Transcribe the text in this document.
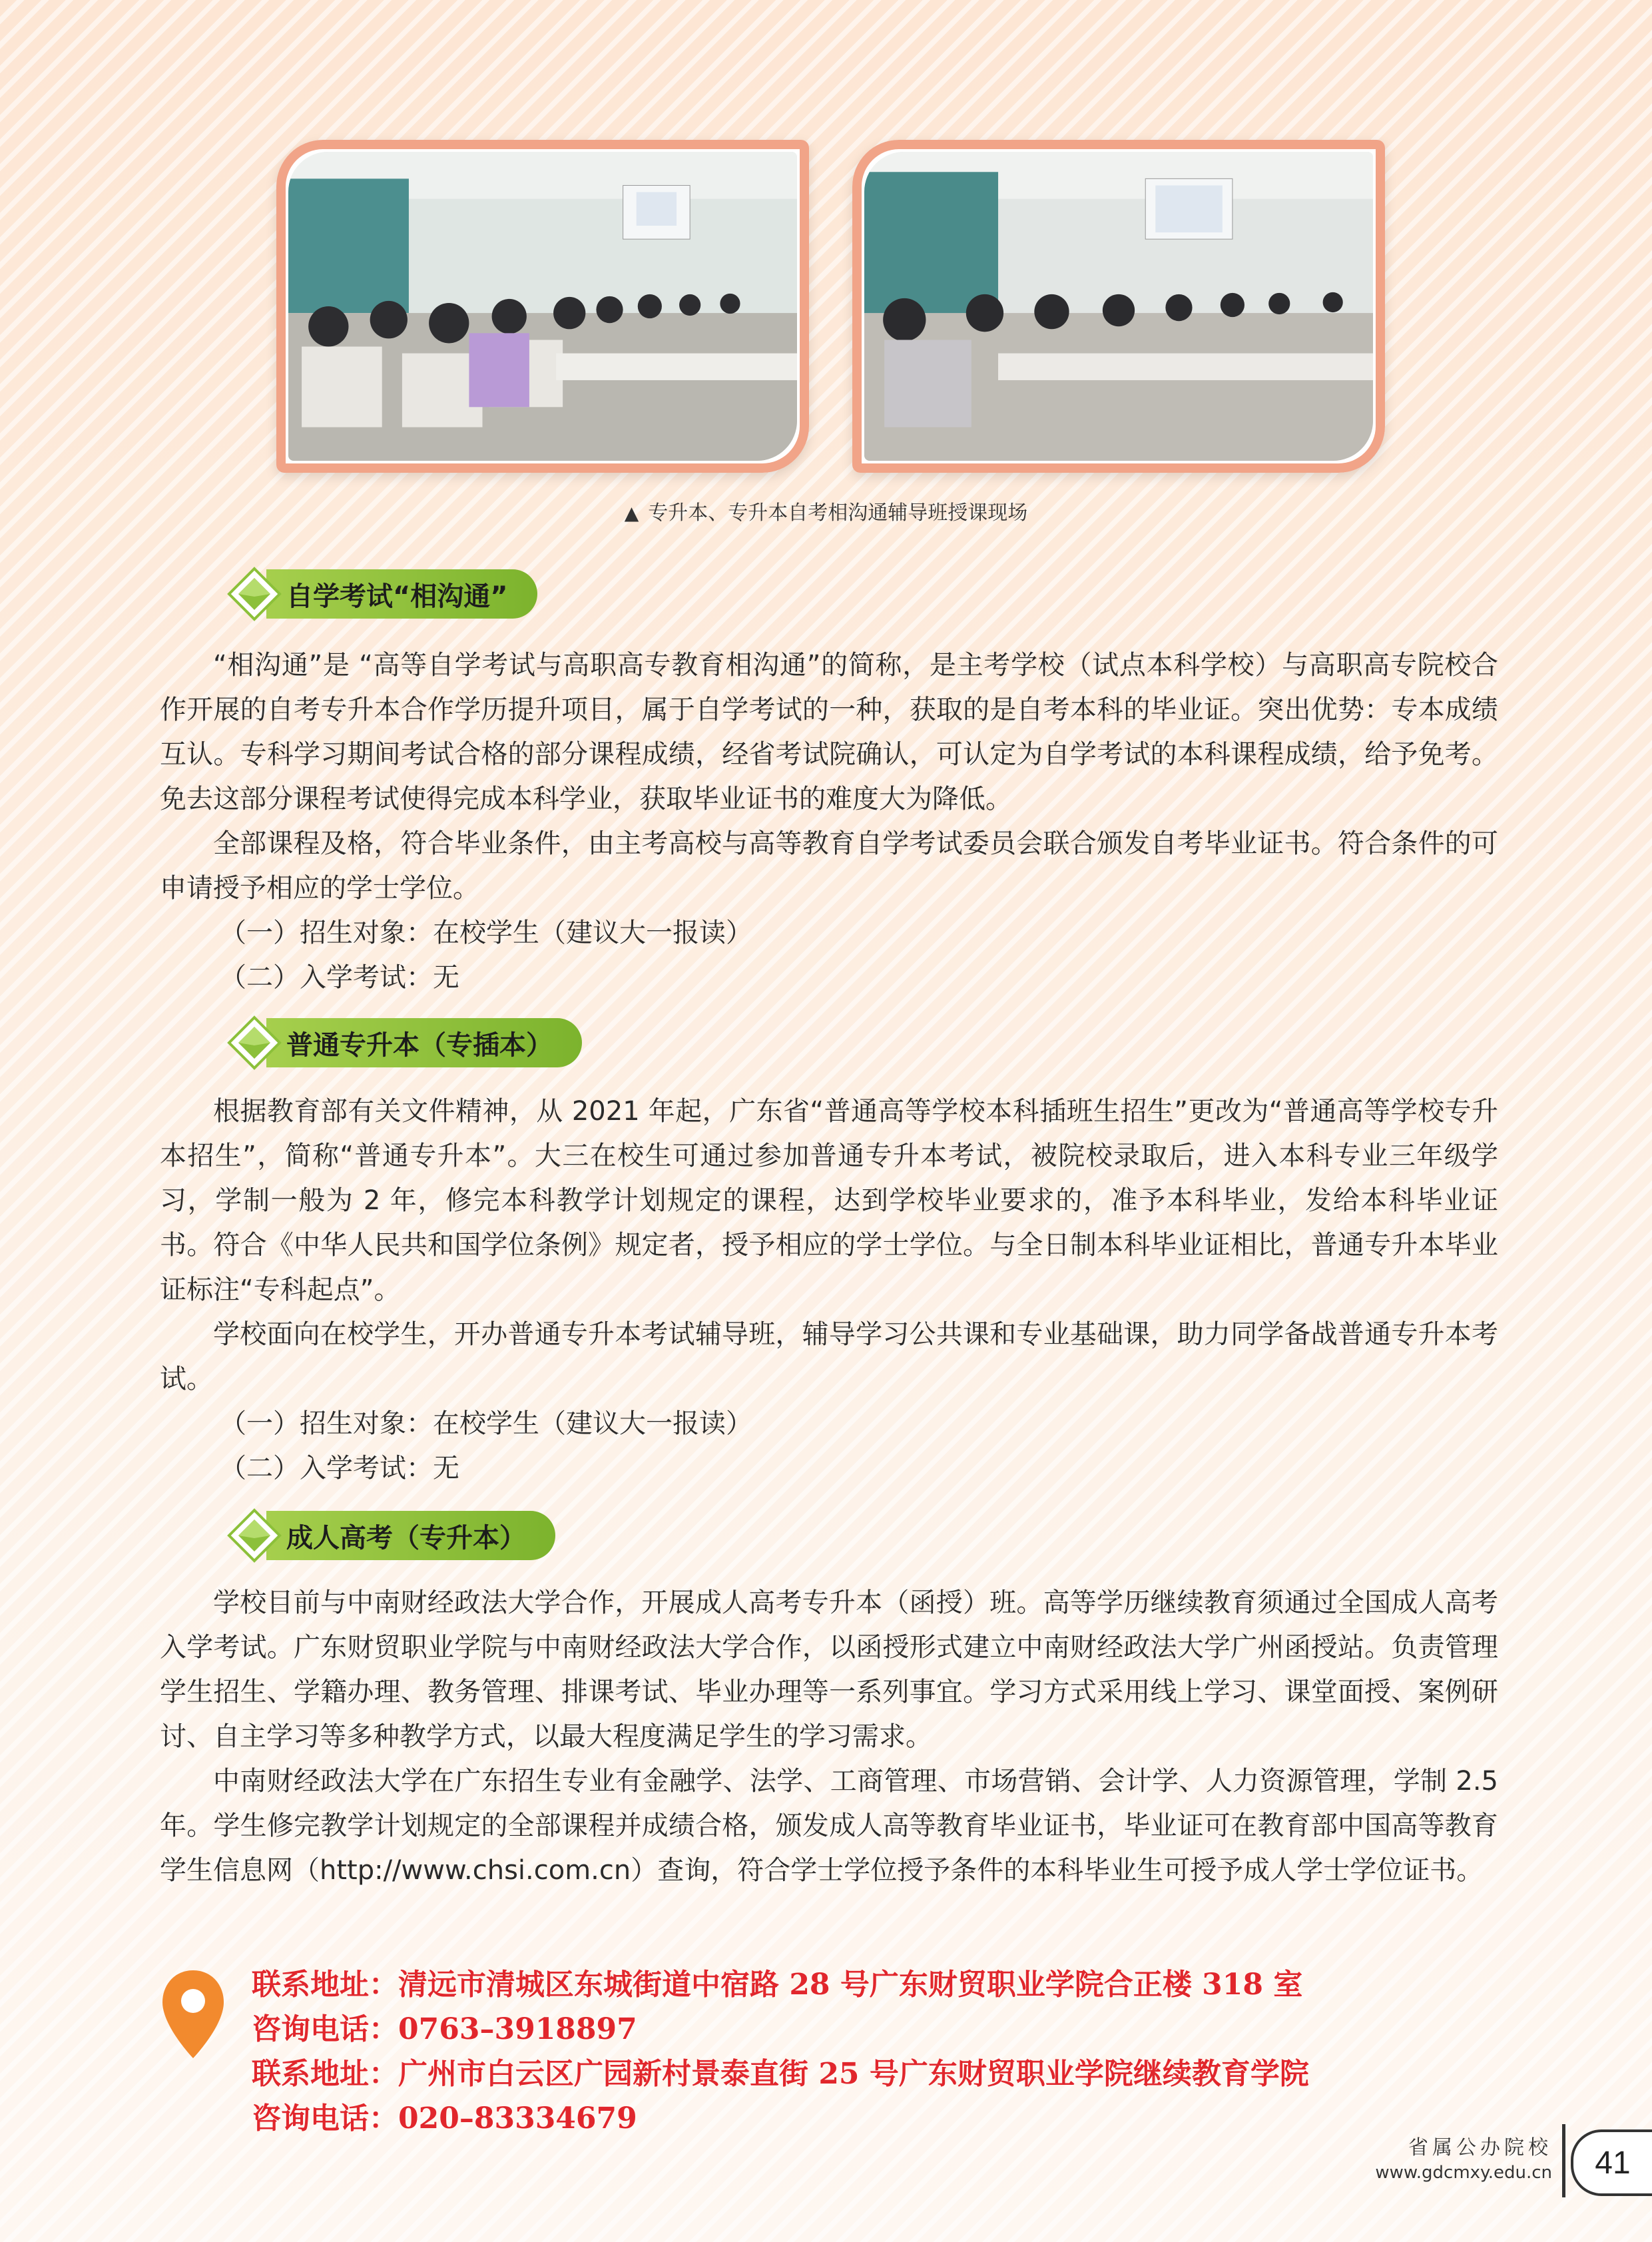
▲ 专升本、专升本自考相沟通辅导班授课现场
自学考试“相沟通”

“相沟通”是 “高等自学考试与高职高专教育相沟通”的简称，是主考学校（试点本科学校）与高职高专院校合作开展的自考专升本合作学历提升项目，属于自学考试的一种，获取的是自考本科的毕业证。突出优势：专本成绩互认。专科学习期间考试合格的部分课程成绩，经省考试院确认，可认定为自学考试的本科课程成绩，给予免考。免去这部分课程考试使得完成本科学业，获取毕业证书的难度大为降低。

全部课程及格，符合毕业条件，由主考高校与高等教育自学考试委员会联合颁发自考毕业证书。符合条件的可申请授予相应的学士学位。

（一）招生对象：在校学生（建议大一报读）

（二）入学考试：无

普通专升本（专插本）

根据教育部有关文件精神，从 2021 年起，广东省“普通高等学校本科插班生招生”更改为“普通高等学校专升本招生”，简称“普通专升本”。大三在校生可通过参加普通专升本考试，被院校录取后，进入本科专业三年级学习，学制一般为 2 年，修完本科教学计划规定的课程，达到学校毕业要求的，准予本科毕业，发给本科毕业证书。符合《中华人民共和国学位条例》规定者，授予相应的学士学位。与全日制本科毕业证相比，普通专升本毕业证标注“专科起点”。

学校面向在校学生，开办普通专升本考试辅导班，辅导学习公共课和专业基础课，助力同学备战普通专升本考试。

（一）招生对象：在校学生（建议大一报读）

（二）入学考试：无

成人高考（专升本）

学校目前与中南财经政法大学合作，开展成人高考专升本（函授）班。高等学历继续教育须通过全国成人高考入学考试。广东财贸职业学院与中南财经政法大学合作，以函授形式建立中南财经政法大学广州函授站。负责管理学生招生、学籍办理、教务管理、排课考试、毕业办理等一系列事宜。学习方式采用线上学习、课堂面授、案例研讨、自主学习等多种教学方式，以最大程度满足学生的学习需求。

中南财经政法大学在广东招生专业有金融学、法学、工商管理、市场营销、会计学、人力资源管理，学制 2.5 年。学生修完教学计划规定的全部课程并成绩合格，颁发成人高等教育毕业证书，毕业证可在教育部中国高等教育学生信息网（http://www.chsi.com.cn）查询，符合学士学位授予条件的本科毕业生可授予成人学士学位证书。

联系地址：清远市清城区东城街道中宿路 28 号广东财贸职业学院合正楼 318 室
咨询电话：0763–3918897
联系地址：广州市白云区广园新村景泰直街 25 号广东财贸职业学院继续教育学院
咨询电话：020–83334679
省属公办院校
www.gdcmxy.edu.cn	41
